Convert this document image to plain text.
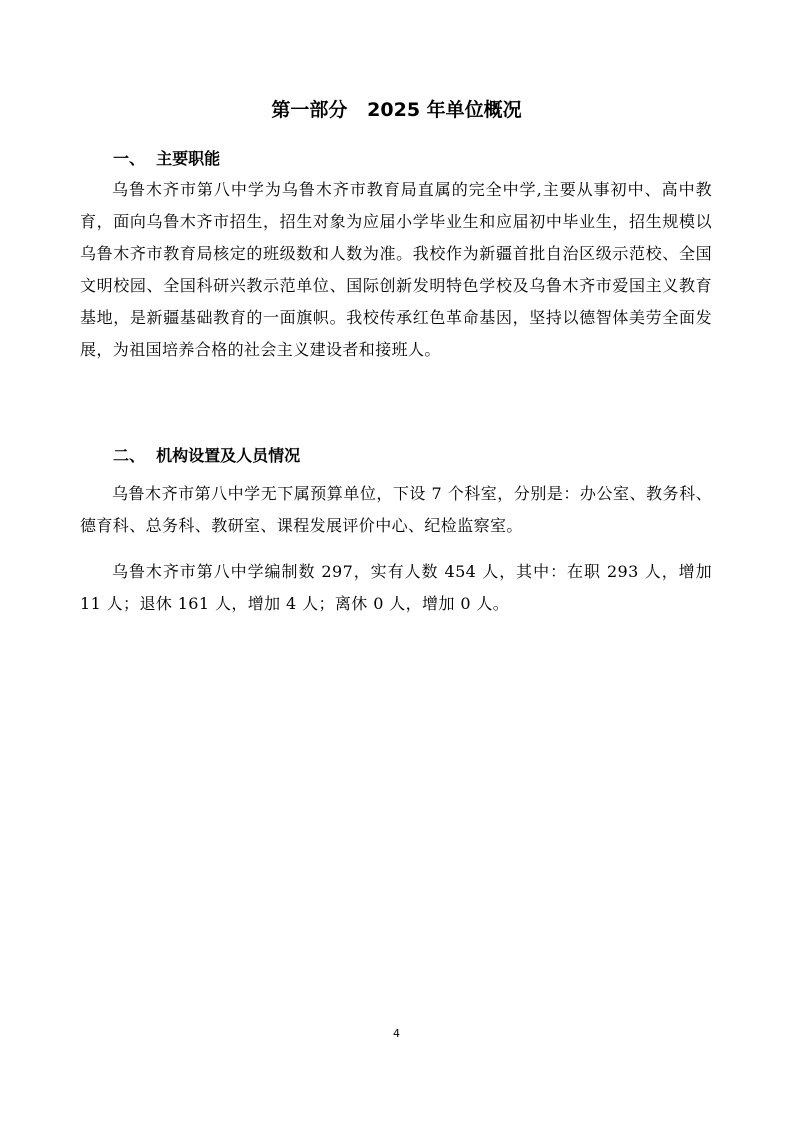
第一部分   2025 年单位概况
一、  主要职能

乌鲁木齐市第八中学为乌鲁木齐市教育局直属的完全中学,主要从事初中、高中教育，面向乌鲁木齐市招生，招生对象为应届小学毕业生和应届初中毕业生，招生规模以乌鲁木齐市教育局核定的班级数和人数为准。我校作为新疆首批自治区级示范校、全国文明校园、全国科研兴教示范单位、国际创新发明特色学校及乌鲁木齐市爱国主义教育基地，是新疆基础教育的一面旗帜。我校传承红色革命基因，坚持以德智体美劳全面发展，为祖国培养合格的社会主义建设者和接班人。

二、  机构设置及人员情况

乌鲁木齐市第八中学无下属预算单位，下设 7 个科室，分别是：办公室、教务科、德育科、总务科、教研室、课程发展评价中心、纪检监察室。

乌鲁木齐市第八中学编制数 297，实有人数 454 人，其中：在职 293 人，增加 11 人；退休 161 人，增加 4 人；离休 0 人，增加 0 人。

4
